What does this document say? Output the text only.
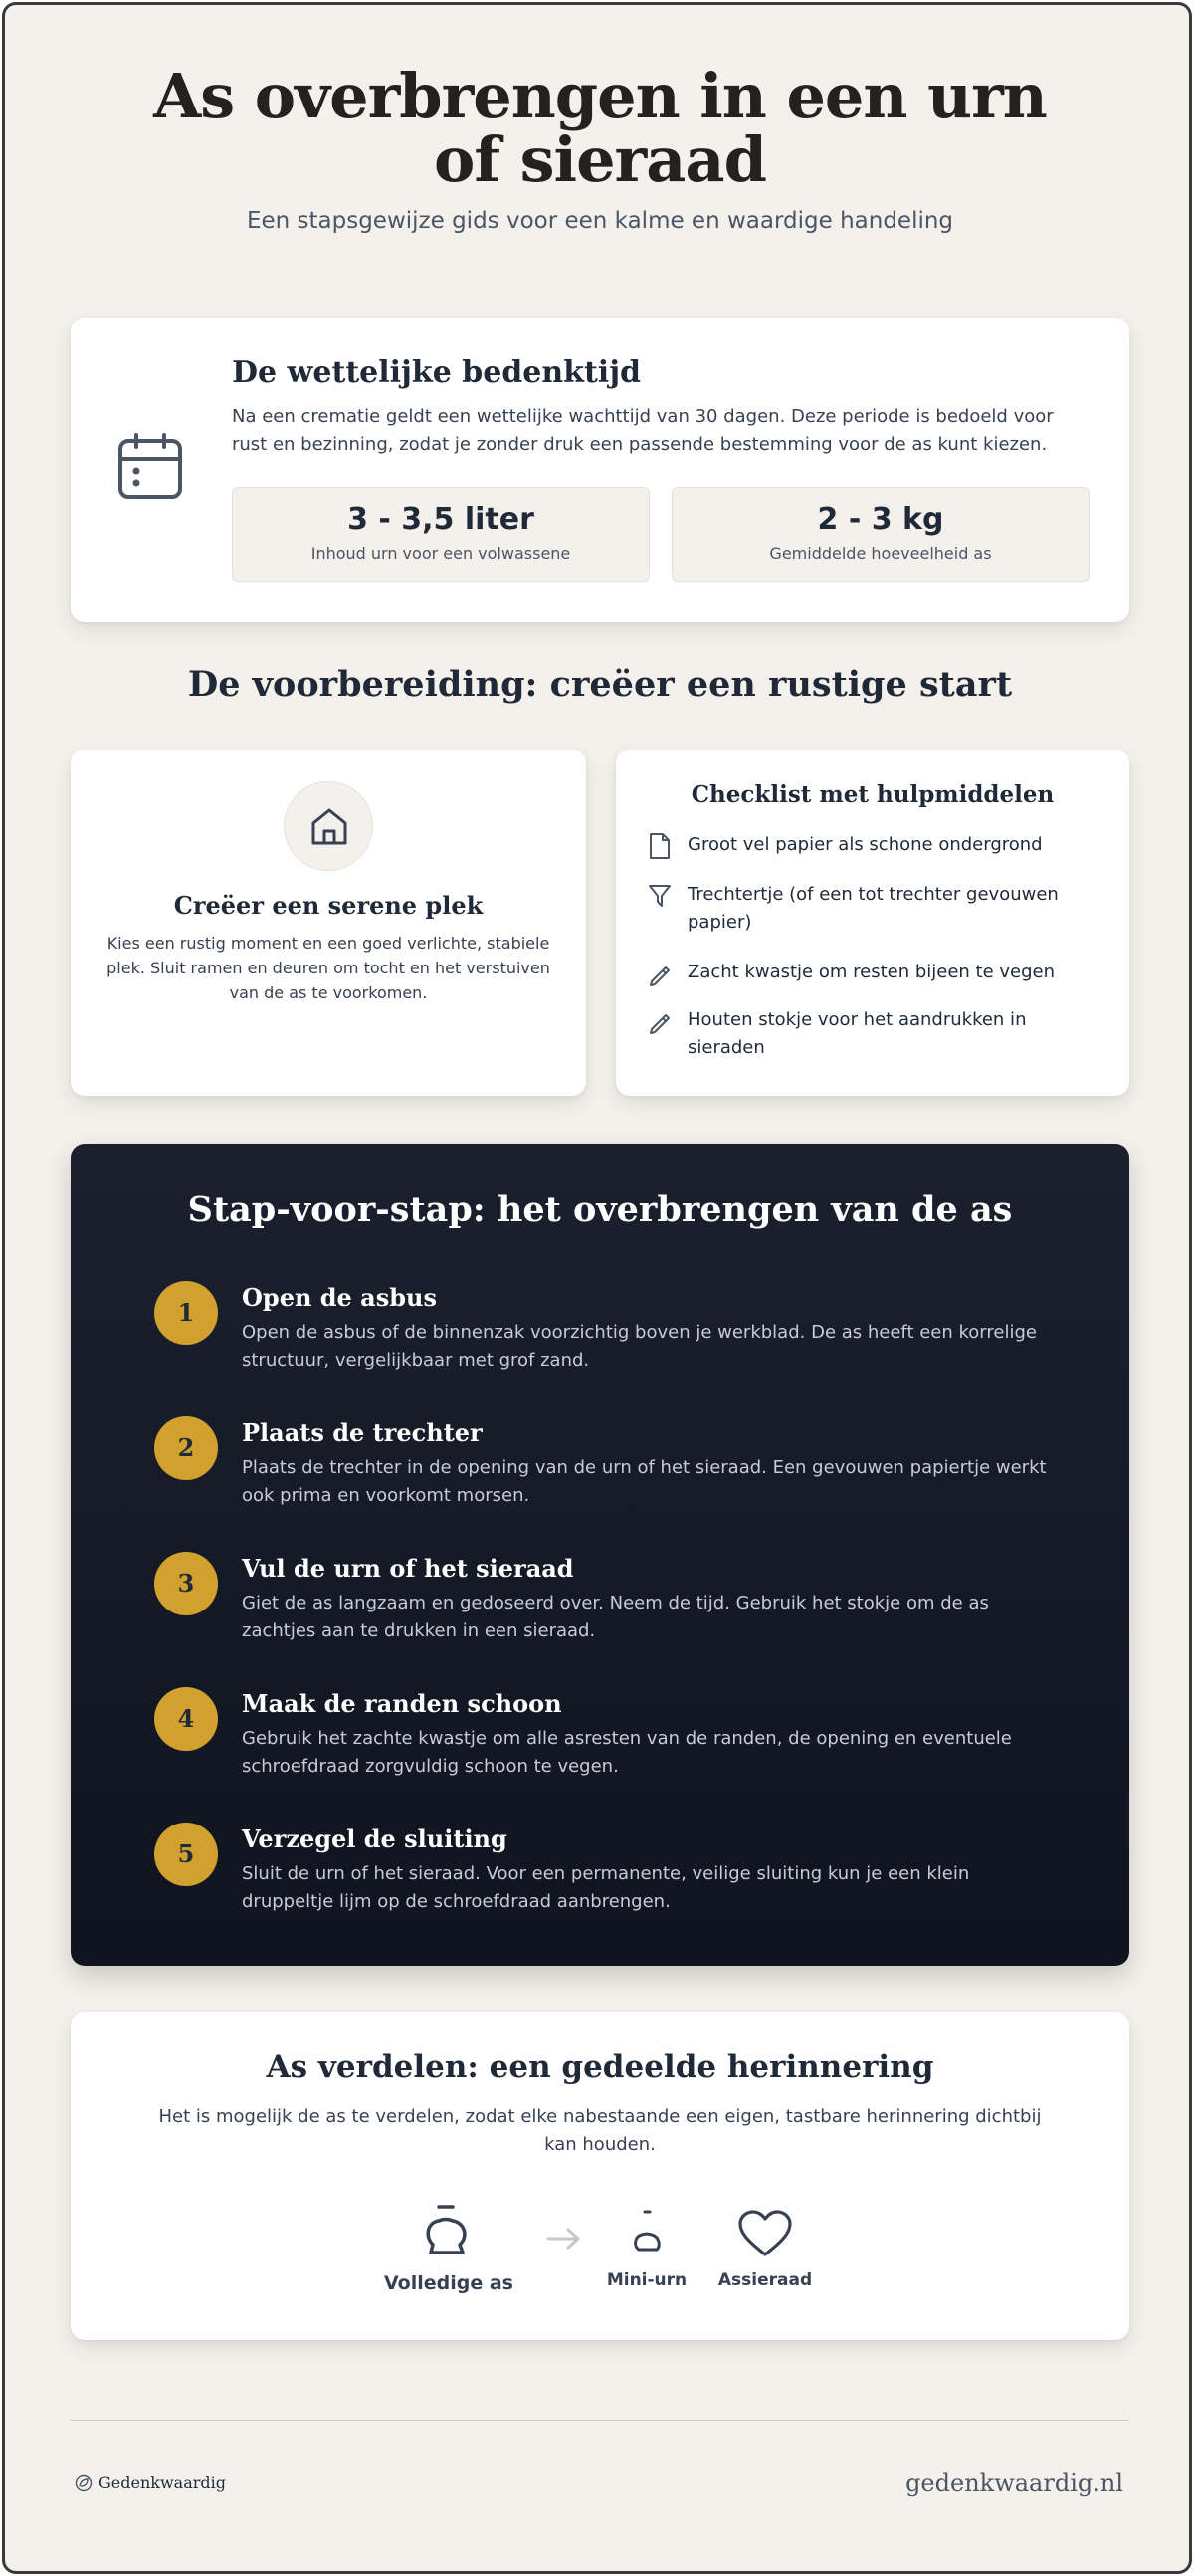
As overbrengen in een urn of sieraad

Een stapsgewijze gids voor een kalme en waardige handeling

De wettelijke bedenktijd

Na een crematie geldt een wettelijke wachttijd van 30 dagen. Deze periode is bedoeld voor rust en bezinning, zodat je zonder druk een passende bestemming voor de as kunt kiezen.

3 - 3,5 liter
Inhoud urn voor een volwassene
2 - 3 kg
Gemiddelde hoeveelheid as
De voorbereiding: creëer een rustige start
Creëer een serene plek

Kies een rustig moment en een goed verlichte, stabiele plek. Sluit ramen en deuren om tocht en het verstuiven van de as te voorkomen.

Checklist met hulpmiddelen
Groot vel papier als schone ondergrond
Trechtertje (of een tot trechter gevouwen papier)
Zacht kwastje om resten bijeen te vegen
Houten stokje voor het aandrukken in sieraden
Stap-voor-stap: het overbrengen van de as
1
Open de asbus
Open de asbus of de binnenzak voorzichtig boven je werkblad. De as heeft een korrelige structuur, vergelijkbaar met grof zand.
2
Plaats de trechter
Plaats de trechter in de opening van de urn of het sieraad. Een gevouwen papiertje werkt ook prima en voorkomt morsen.
3
Vul de urn of het sieraad
Giet de as langzaam en gedoseerd over. Neem de tijd. Gebruik het stokje om de as zachtjes aan te drukken in een sieraad.
4
Maak de randen schoon
Gebruik het zachte kwastje om alle asresten van de randen, de opening en eventuele schroefdraad zorgvuldig schoon te vegen.
5
Verzegel de sluiting
Sluit de urn of het sieraad. Voor een permanente, veilige sluiting kun je een klein druppeltje lijm op de schroefdraad aanbrengen.
As verdelen: een gedeelde herinnering

Het is mogelijk de as te verdelen, zodat elke nabestaande een eigen, tastbare herinnering dichtbij kan houden.

Volledige as	Mini-urn	Assieraad
Gedenkwaardig	gedenkwaardig.nl
